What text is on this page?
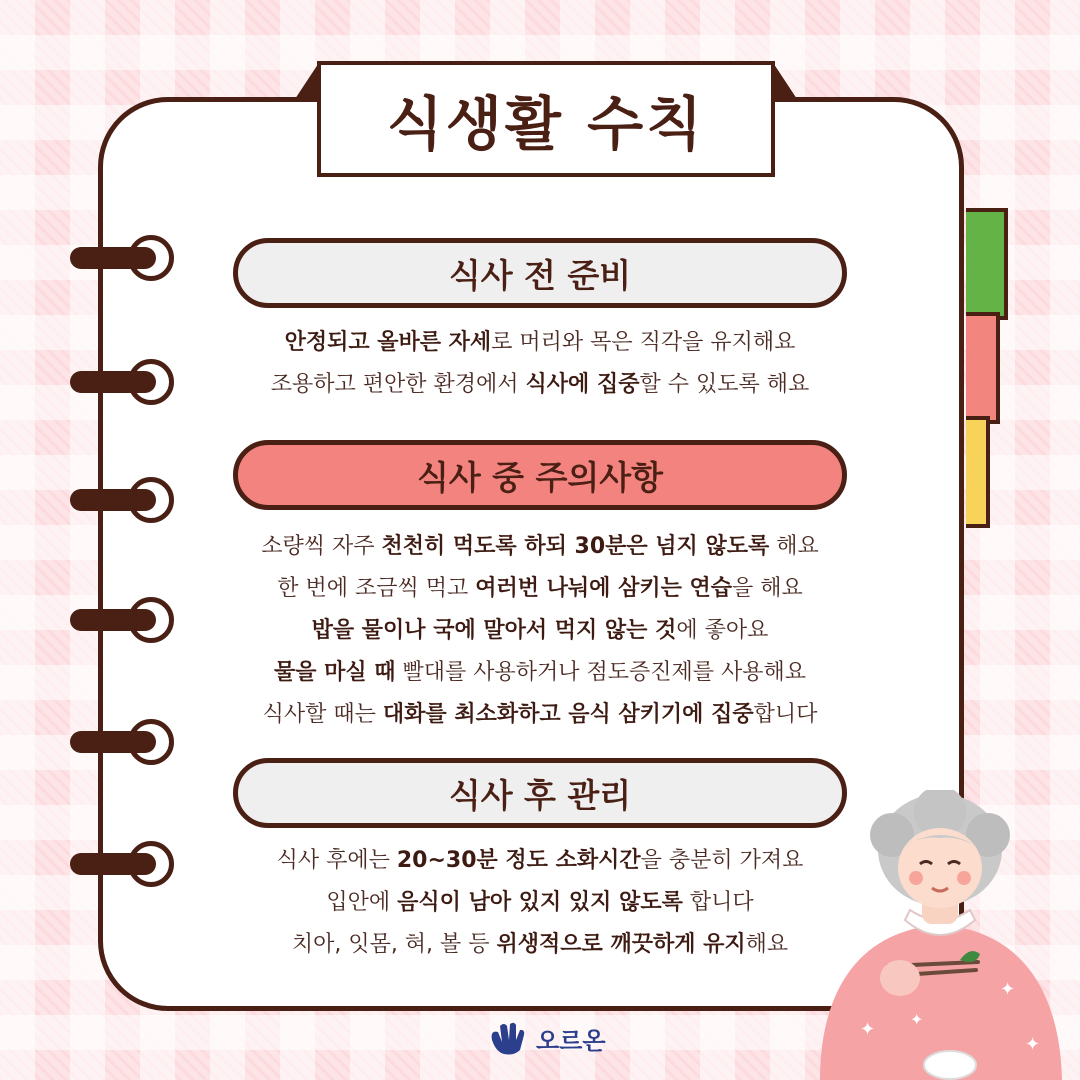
식생활 수칙
식사 전 준비
안정되고 올바른 자세로 머리와 목은 직각을 유지해요
조용하고 편안한 환경에서 식사에 집중할 수 있도록 해요
식사 중 주의사항
소량씩 자주 천천히 먹도록 하되 30분은 넘지 않도록 해요
한 번에 조금씩 먹고 여러번 나눠에 삼키는 연습을 해요
밥을 물이나 국에 말아서 먹지 않는 것에 좋아요
물을 마실 때 빨대를 사용하거나 점도증진제를 사용해요
식사할 때는 대화를 최소화하고 음식 삼키기에 집중합니다
식사 후 관리
식사 후에는 20~30분 정도 소화시간을 충분히 가져요
입안에 음식이 남아 있지 있지 않도록 합니다
치아, 잇몸, 혀, 볼 등 위생적으로 깨끗하게 유지해요
✦
✦
✦
✦
오르온
